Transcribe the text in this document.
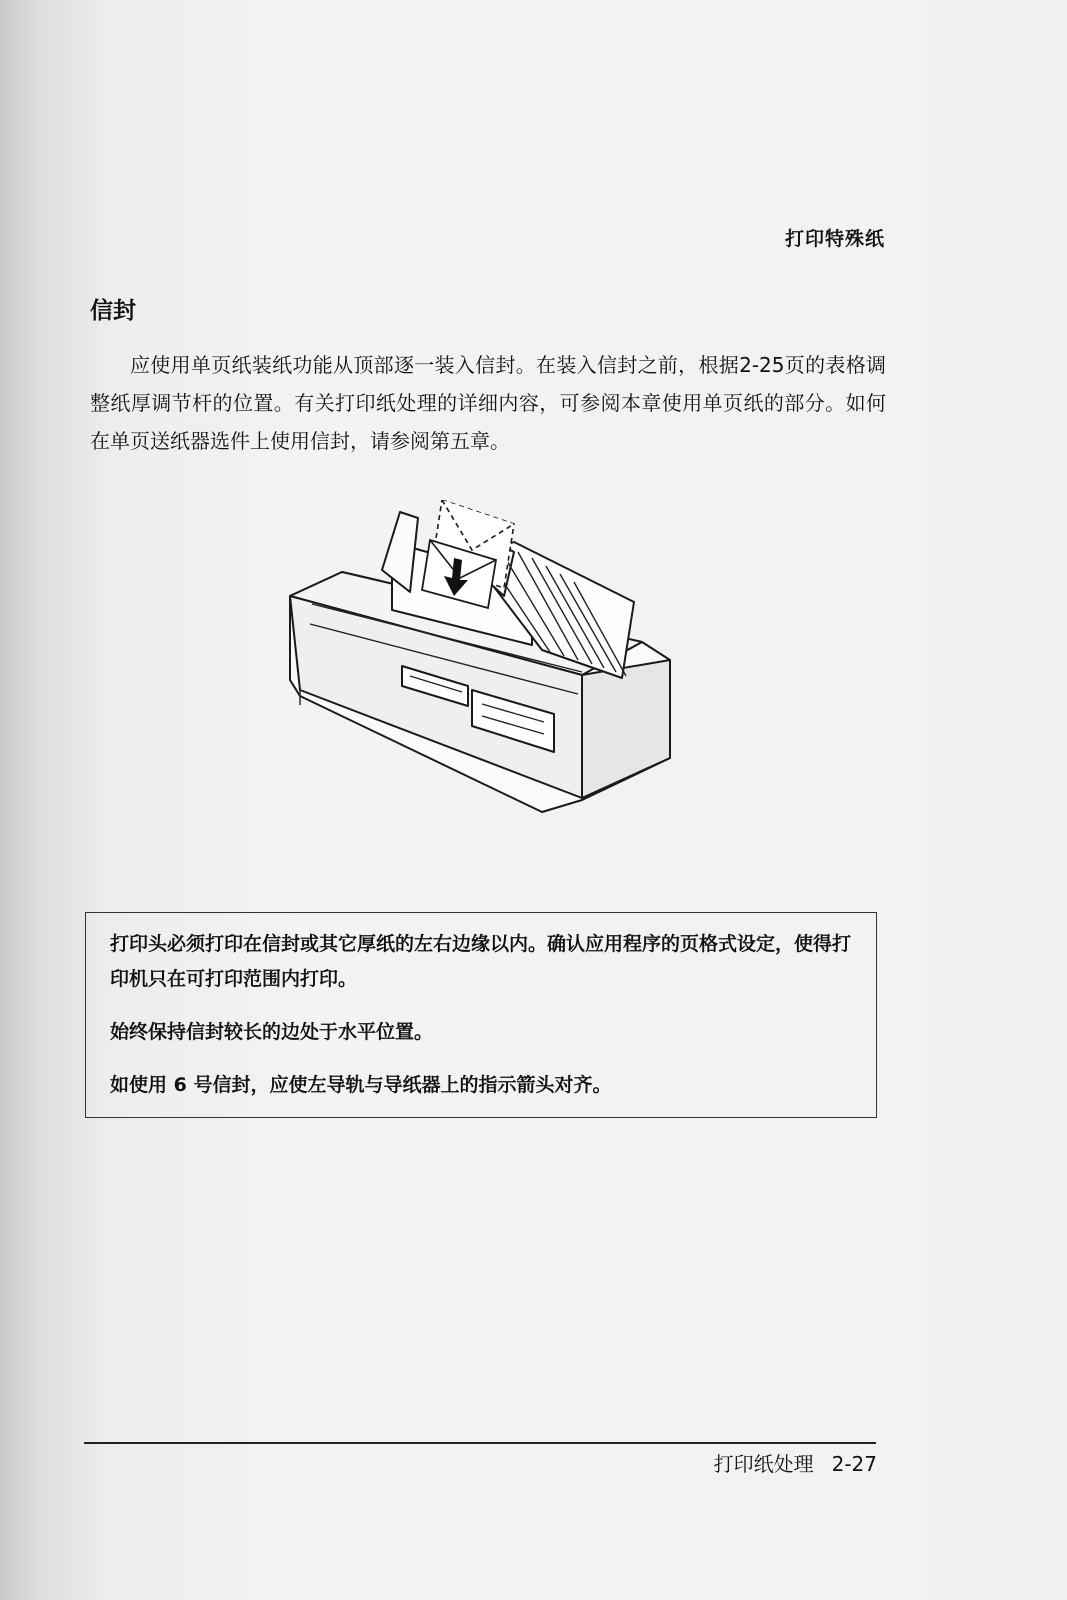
打印特殊纸
信封
应使用单页纸装纸功能从顶部逐一装入信封。在装入信封之前，根据2-25页的表格调整纸厚调节杆的位置。有关打印纸处理的详细内容，可参阅本章使用单页纸的部分。如何在单页送纸器选件上使用信封，请参阅第五章。

打印头必须打印在信封或其它厚纸的左右边缘以内。确认应用程序的页格式设定，使得打印机只在可打印范围内打印。

始终保持信封较长的边处于水平位置。

如使用 6 号信封，应使左导轨与导纸器上的指示箭头对齐。

打印纸处理 2-27
